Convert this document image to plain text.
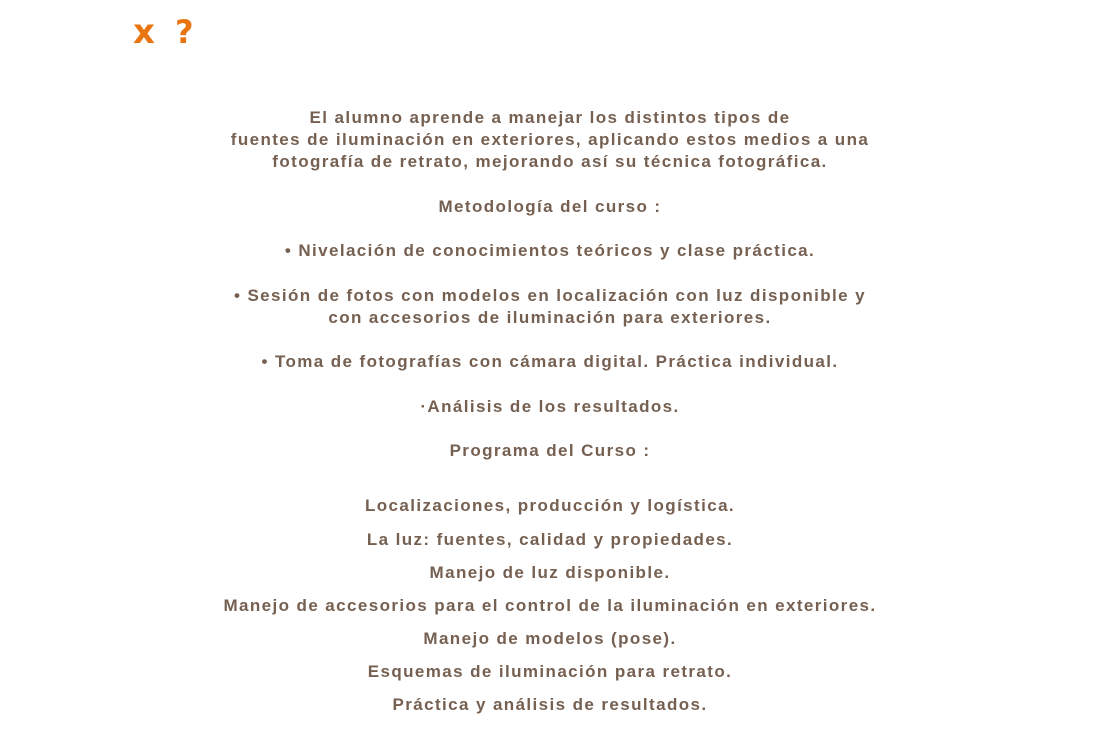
x ?
El alumno aprende a manejar los distintos tipos de
fuentes de iluminación en exteriores, aplicando estos medios a una
fotografía de retrato, mejorando así su técnica fotográfica.
Metodología del curso :
• Nivelación de conocimientos teóricos y clase práctica.
• Sesión de fotos con modelos en localización con luz disponible y
con accesorios de iluminación para exteriores.
• Toma de fotografías con cámara digital. Práctica individual.
·Análisis de los resultados.
Programa del Curso :
Localizaciones, producción y logística.
La luz: fuentes, calidad y propiedades.
Manejo de luz disponible.
Manejo de accesorios para el control de la iluminación en exteriores.
Manejo de modelos (pose).
Esquemas de iluminación para retrato.
Práctica y análisis de resultados.
